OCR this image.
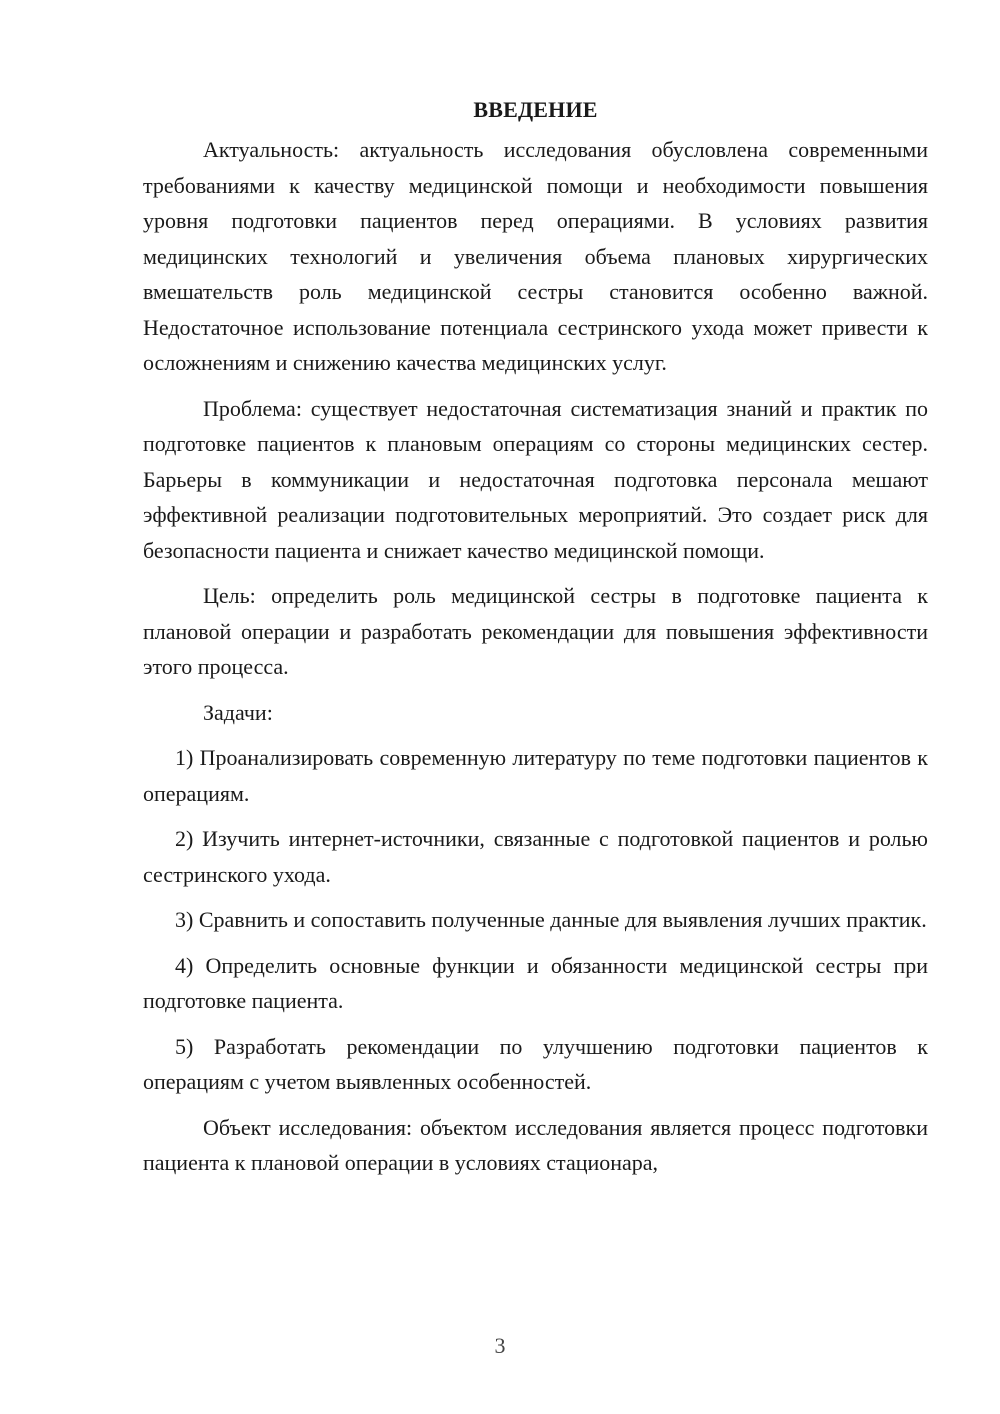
ВВЕДЕНИЕ

Актуальность: актуальность исследования обусловлена современными требованиями к качеству медицинской помощи и необходимости повышения уровня подготовки пациентов перед операциями. В условиях развития медицинских технологий и увеличения объема плановых хирургических вмешательств роль медицинской сестры становится особенно важной. Недостаточное использование потенциала сестринского ухода может привести к осложнениям и снижению качества медицинских услуг.

Проблема: существует недостаточная систематизация знаний и практик по подготовке пациентов к плановым операциям со стороны медицинских сестер. Барьеры в коммуникации и недостаточная подготовка персонала мешают эффективной реализации подготовительных мероприятий. Это создает риск для безопасности пациента и снижает качество медицинской помощи.

Цель: определить роль медицинской сестры в подготовке пациента к плановой операции и разработать рекомендации для повышения эффективности этого процесса.

Задачи:

1) Проанализировать современную литературу по теме подготовки пациентов к операциям.

2) Изучить интернет-источники, связанные с подготовкой пациентов и ролью сестринского ухода.

3) Сравнить и сопоставить полученные данные для выявления лучших практик.

4) Определить основные функции и обязанности медицинской сестры при подготовке пациента.

5) Разработать рекомендации по улучшению подготовки пациентов к операциям с учетом выявленных особенностей.

Объект исследования: объектом исследования является процесс подготовки пациента к плановой операции в условиях стационара,

3
